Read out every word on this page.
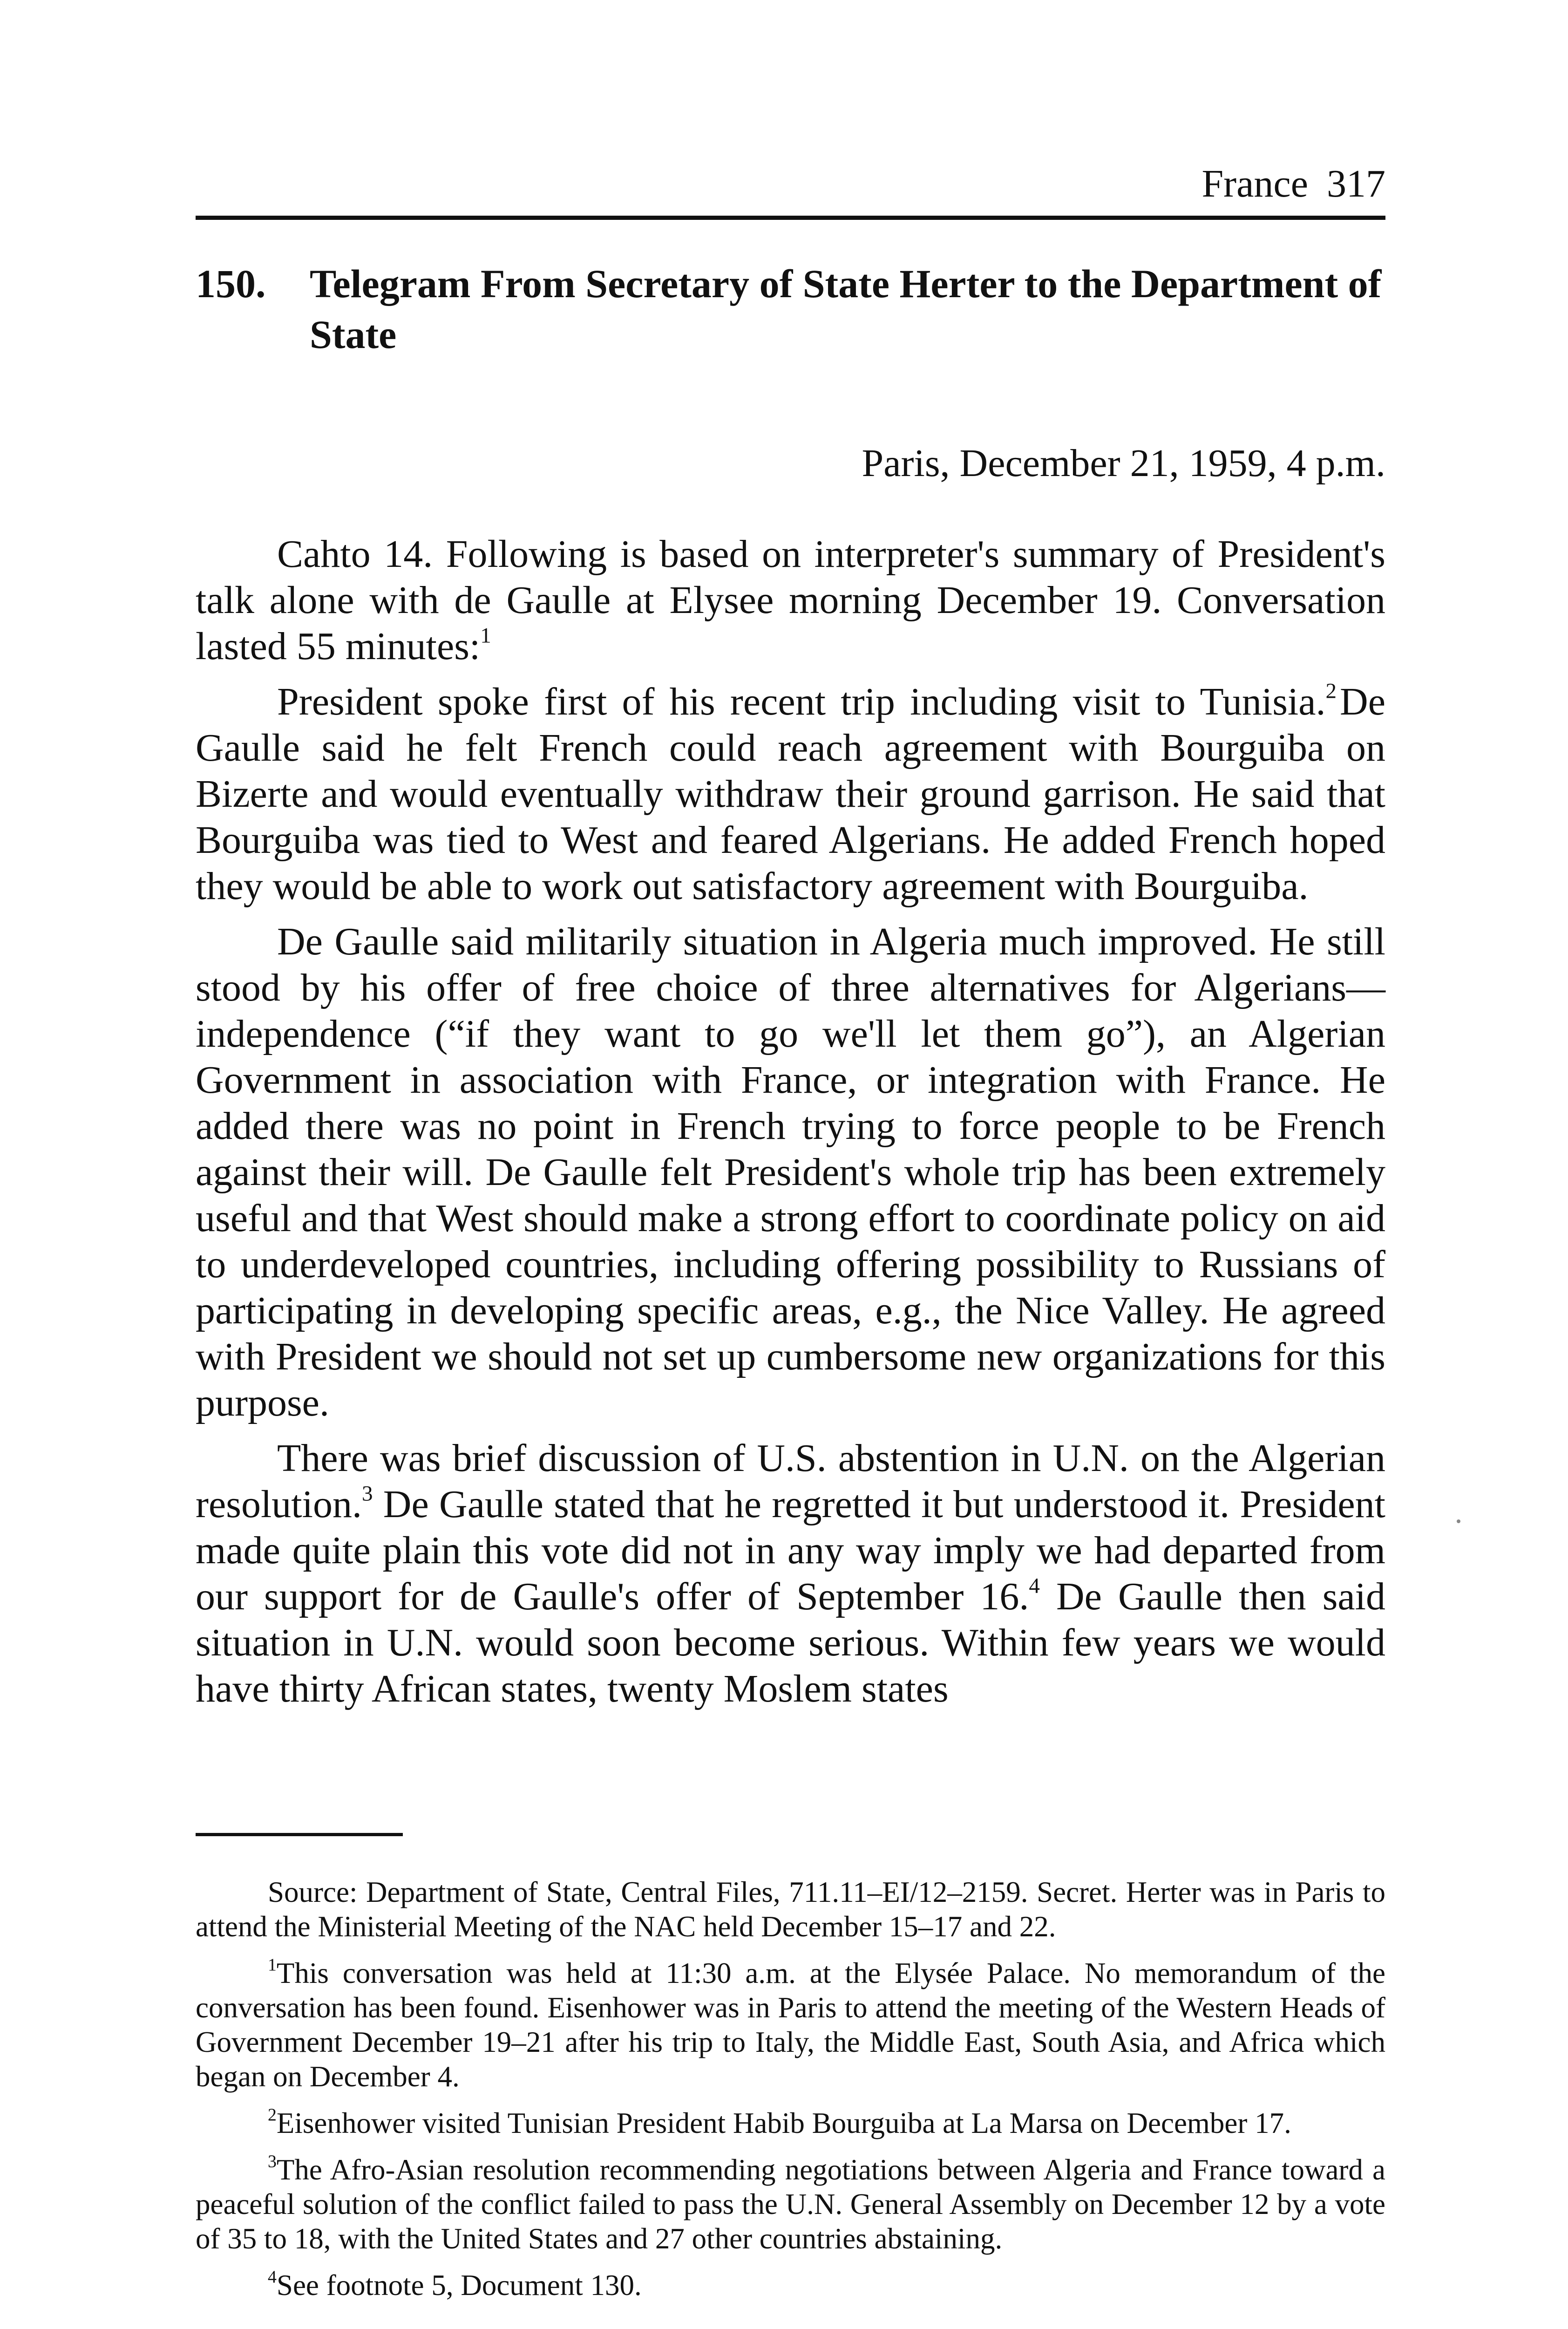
France 317
150. Telegram From Secretary of State Herter to the Department of State
Paris, December 21, 1959, 4 p.m.

Cahto 14. Following is based on interpreter's summary of President's talk alone with de Gaulle at Elysee morning December 19. Conversation lasted 55 minutes:$^1$

President spoke first of his recent trip including visit to Tunisia.$^2$ De Gaulle said he felt French could reach agreement with Bourguiba on Bizerte and would eventually withdraw their ground garrison. He said that Bourguiba was tied to West and feared Algerians. He added French hoped they would be able to work out satisfactory agreement with Bourguiba.

De Gaulle said militarily situation in Algeria much improved. He still stood by his offer of free choice of three alternatives for Algerians—independence (“if they want to go we'll let them go”), an Algerian Government in association with France, or integration with France. He added there was no point in French trying to force people to be French against their will. De Gaulle felt President's whole trip has been extremely useful and that West should make a strong effort to coordinate policy on aid to underdeveloped countries, including offering possibility to Russians of participating in developing specific areas, e.g., the Nice Valley. He agreed with President we should not set up cumbersome new organizations for this purpose.

There was brief discussion of U.S. abstention in U.N. on the Algerian resolution.$^3$ De Gaulle stated that he regretted it but understood it. President made quite plain this vote did not in any way imply we had departed from our support for de Gaulle's offer of September 16.$^4$ De Gaulle then said situation in U.N. would soon become serious. Within few years we would have thirty African states, twenty Moslem states

Source: Department of State, Central Files, 711.11–EI/12–2159. Secret. Herter was in Paris to attend the Ministerial Meeting of the NAC held December 15–17 and 22.

$^1$This conversation was held at 11:30 a.m. at the Elysée Palace. No memorandum of the conversation has been found. Eisenhower was in Paris to attend the meeting of the Western Heads of Government December 19–21 after his trip to Italy, the Middle East, South Asia, and Africa which began on December 4.

$^2$Eisenhower visited Tunisian President Habib Bourguiba at La Marsa on December 17.

$^3$The Afro-Asian resolution recommending negotiations between Algeria and France toward a peaceful solution of the conflict failed to pass the U.N. General Assembly on December 12 by a vote of 35 to 18, with the United States and 27 other countries abstaining.

$^4$See footnote 5, Document 130.
